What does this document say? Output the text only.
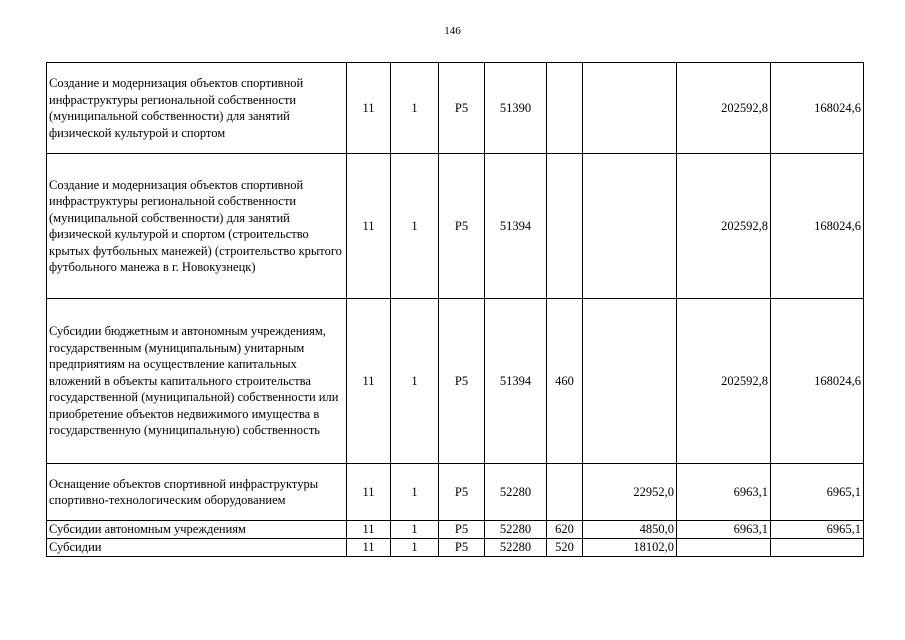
146
Создание и модернизация объектов спортивной инфраструктуры региональной собственности (муниципальной собственности) для занятий физической культурой и спортом	11	1	Р5	51390			202592,8	168024,6
Создание и модернизация объектов спортивной инфраструктуры региональной собственности (муниципальной собственности) для занятий физической культурой и спортом (строительство крытых футбольных манежей) (строительство крытого футбольного манежа в г. Новокузнецк)	11	1	Р5	51394			202592,8	168024,6
Субсидии бюджетным и автономным учреждениям, государственным (муниципальным) унитарным предприятиям на осуществление капитальных вложений в объекты капитального строительства государственной (муниципальной) собственности или приобретение объектов недвижимого имущества в государственную (муниципальную) собственность	11	1	Р5	51394	460		202592,8	168024,6
Оснащение объектов спортивной инфраструктуры спортивно-технологическим оборудованием	11	1	Р5	52280		22952,0	6963,1	6965,1
Субсидии автономным учреждениям	11	1	Р5	52280	620	4850,0	6963,1	6965,1
Субсидии	11	1	Р5	52280	520	18102,0		
